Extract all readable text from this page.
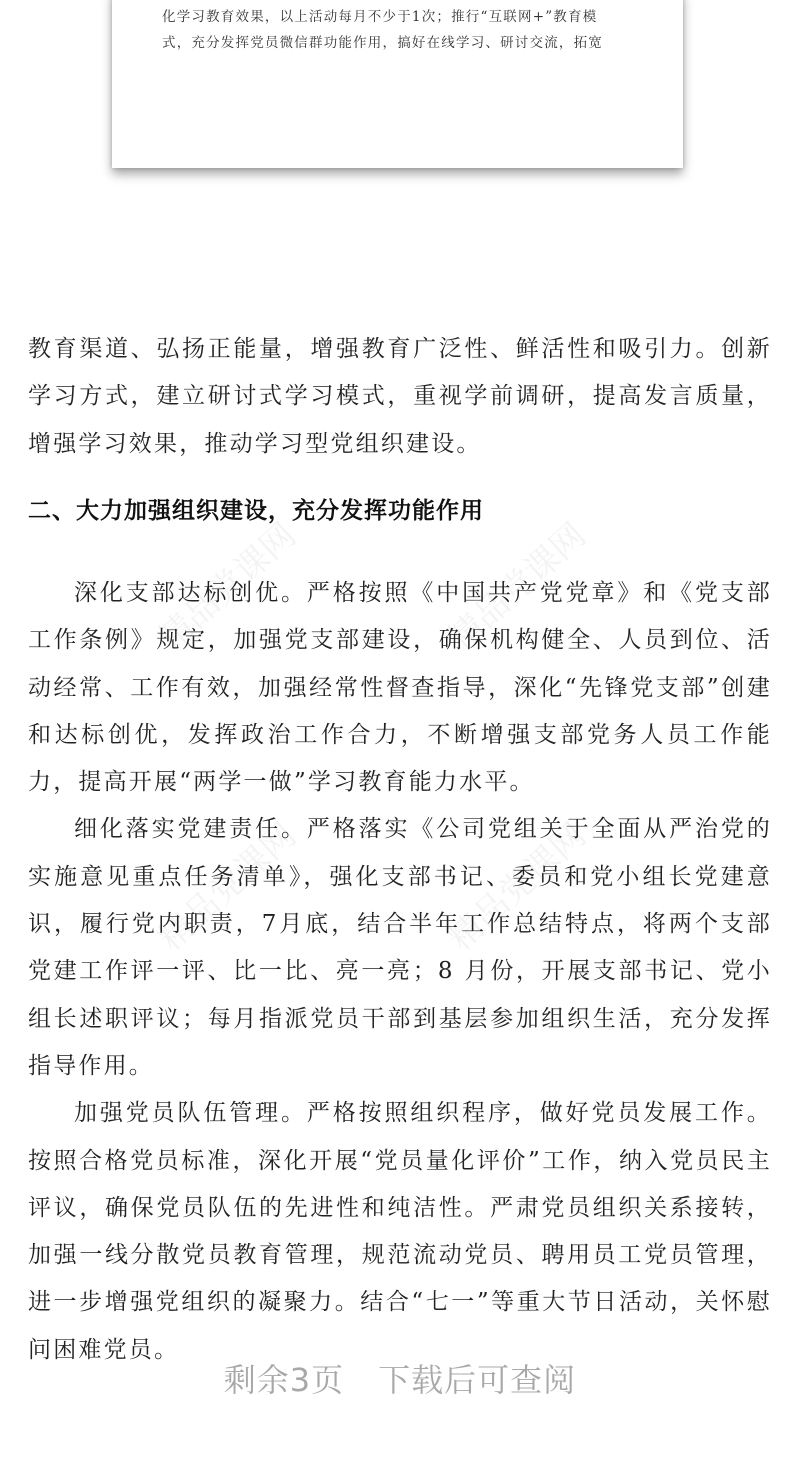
化学习教育效果，以上活动每月不少于1次；推行“互联网+”教育模
式，充分发挥党员微信群功能作用，搞好在线学习、研讨交流，拓宽
精品党课网	精品党课网
精品党课网	精品党课网
教育渠道、弘扬正能量，增强教育广泛性、鲜活性和吸引力。创新学习方式，建立研讨式学习模式，重视学前调研，提高发言质量，增强学习效果，推动学习型党组织建设。
二、大力加强组织建设，充分发挥功能作用

深化支部达标创优。严格按照《中国共产党党章》和《党支部工作条例》规定，加强党支部建设，确保机构健全、人员到位、活动经常、工作有效，加强经常性督查指导，深化“先锋党支部”创建和达标创优，发挥政治工作合力，不断增强支部党务人员工作能力，提高开展“两学一做”学习教育能力水平。

细化落实党建责任。严格落实《公司党组关于全面从严治党的实施意见重点任务清单》，强化支部书记、委员和党小组长党建意识，履行党内职责，7月底，结合半年工作总结特点，将两个支部党建工作评一评、比一比、亮一亮；8 月份，开展支部书记、党小组长述职评议；每月指派党员干部到基层参加组织生活，充分发挥指导作用。

加强党员队伍管理。严格按照组织程序，做好党员发展工作。按照合格党员标准，深化开展“党员量化评价”工作，纳入党员民主评议，确保党员队伍的先进性和纯洁性。严肃党员组织关系接转，加强一线分散党员教育管理，规范流动党员、聘用员工党员管理，进一步增强党组织的凝聚力。结合“七一”等重大节日活动，关怀慰问困难党员。

剩余3页 下载后可查阅
